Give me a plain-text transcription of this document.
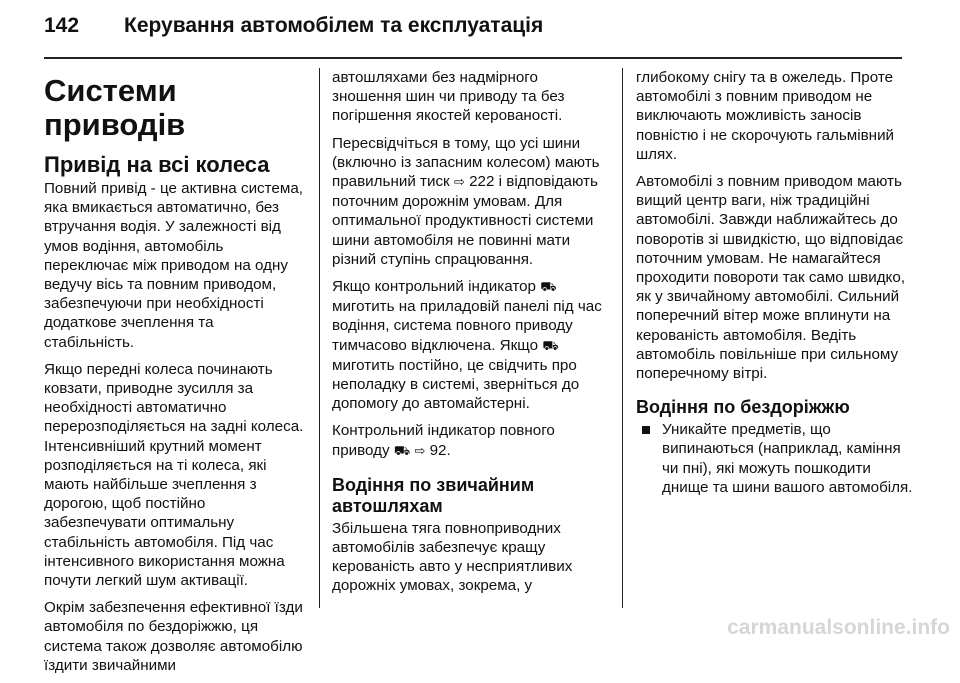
142	Керування автомобілем та експлуатація
Системи приводів
Привід на всі колеса

Повний привід - це активна система, яка вмикається автоматично, без втручання водія. У залежності від умов водіння, автомобіль переключає між приводом на одну ведучу вісь та повним приводом, забезпечуючи при необхідності додаткове зчеплення та стабільність.

Якщо передні колеса починають ковзати, приводне зусилля за необхідності автоматично перерозподіляється на задні колеса. Інтенсивніший крутний момент розподіляється на ті колеса, які мають найбільше зчеплення з дорогою, щоб постійно забезпечувати оптимальну стабільність автомобіля. Під час інтенсивного використання можна почути легкий шум активації.

Окрім забезпечення ефективної їзди автомобіля по бездоріжжю, ця система також дозволяє автомобілю їздити звичайними

автошляхами без надмірного зношення шин чи приводу та без погіршення якостей керованості.

Пересвідчіться в тому, що усі шини (включно із запасним колесом) мають правильний тиск ⇨ 222 і відповідають поточним дорожнім умовам. Для оптимальної продуктивності системи шини автомобіля не повинні мати різний ступінь спрацювання.

Якщо контрольний індикатор ⛟ миготить на приладовій панелі під час водіння, система повного приводу тимчасово відключена. Якщо ⛟ миготить постійно, це свідчить про неполадку в системі, зверніться до допомогу до автомайстерні.

Контрольний індикатор повного приводу ⛟ ⇨ 92.

Водіння по звичайним автошляхам

Збільшена тяга повноприводних автомобілів забезпечує кращу керованість авто у несприятливих дорожніх умовах, зокрема, у

глибокому снігу та в ожеледь. Проте автомобілі з повним приводом не виключають можливість заносів повністю і не скорочують гальмівний шлях.

Автомобілі з повним приводом мають вищий центр ваги, ніж традиційні автомобілі. Завжди наближайтесь до поворотів зі швидкістю, що відповідає поточним умовам. Не намагайтеся проходити повороти так само швидко, як у звичайному автомобілі. Сильний поперечний вітер може вплинути на керованість автомобіля. Ведіть автомобіль повільніше при сильному поперечному вітрі.

Водіння по бездоріжжю
Уникайте предметів, що випинаються (наприклад, каміння чи пні), які можуть пошкодити днище та шини вашого автомобіля.
carmanualsonline.info
